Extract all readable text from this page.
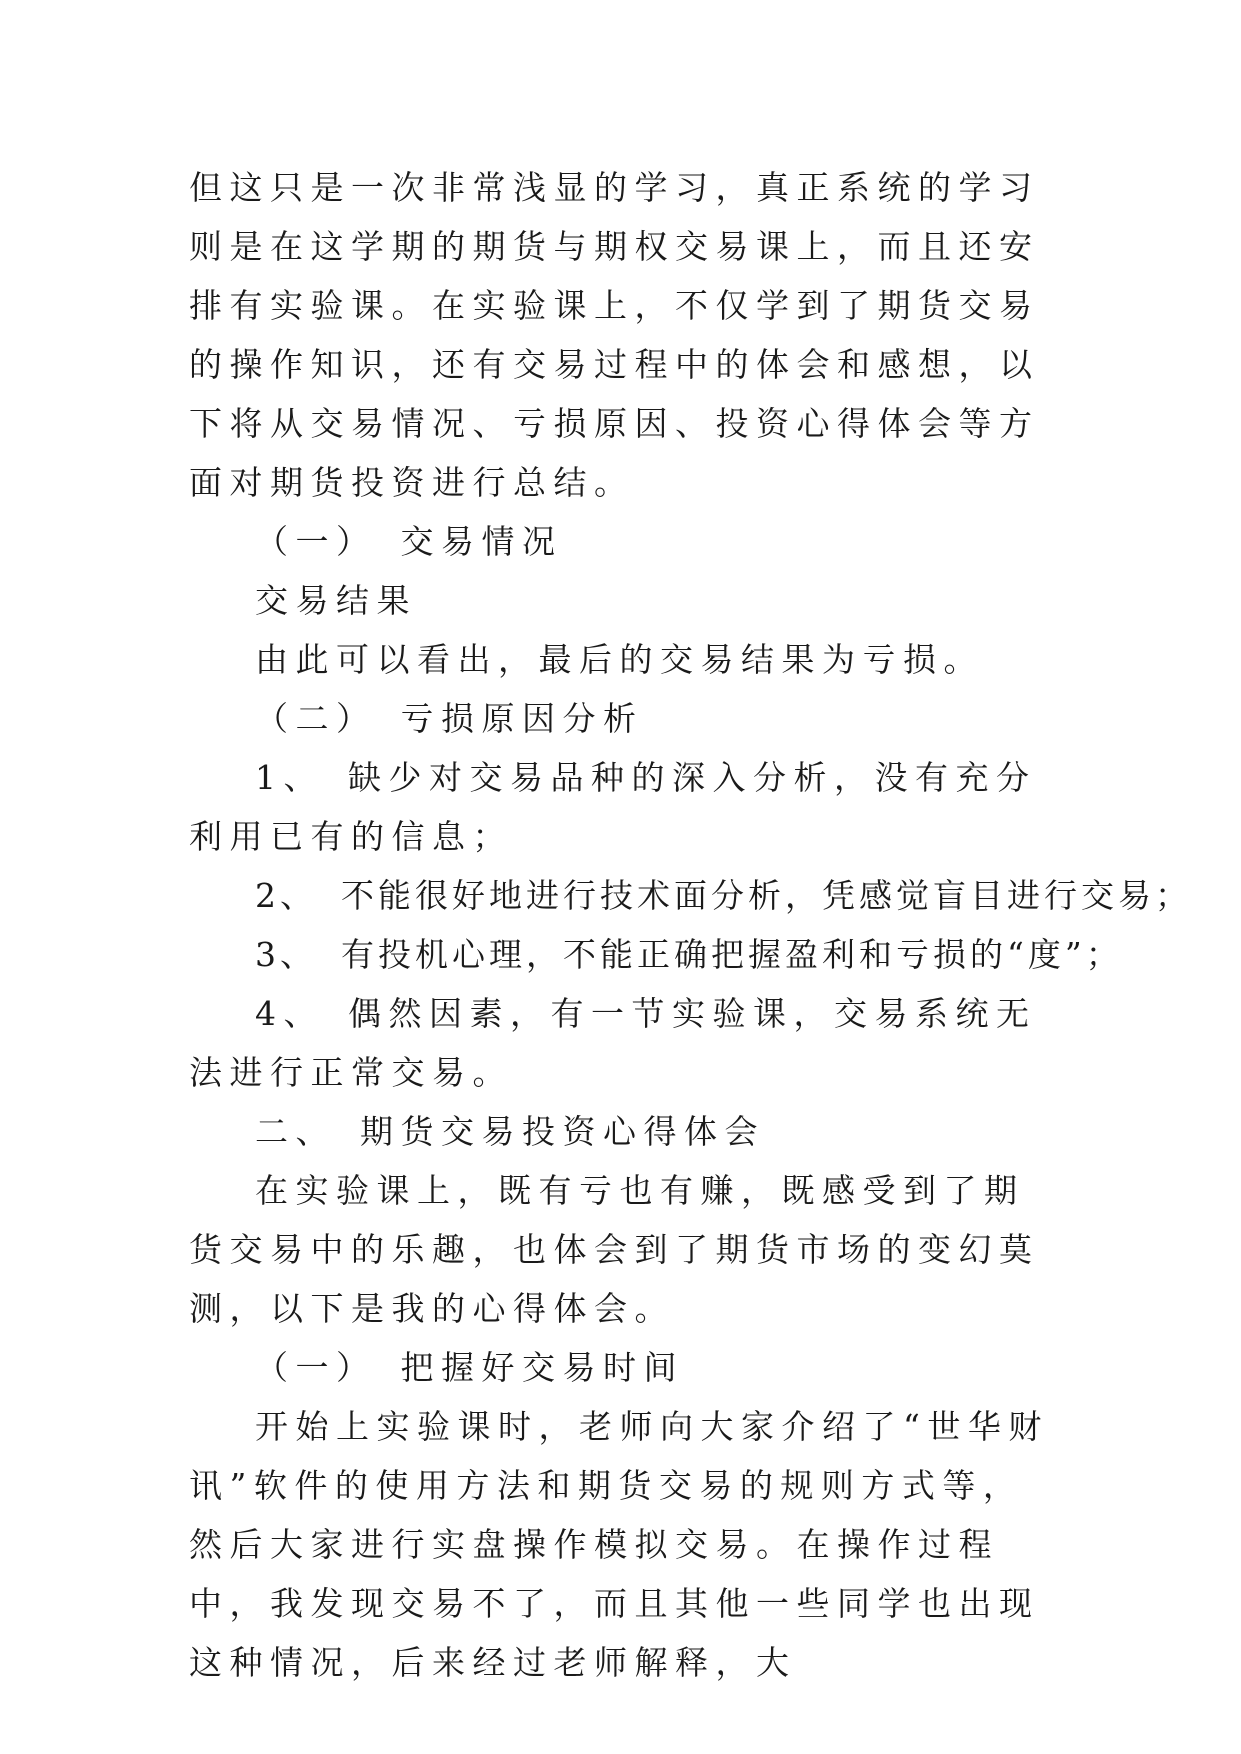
但这只是一次非常浅显的学习，真正系统的学习则是在这学期的期货与期权交易课上，而且还安排有实验课。在实验课上，不仅学到了期货交易的操作知识，还有交易过程中的体会和感想，以下将从交易情况、亏损原因、投资心得体会等方面对期货投资进行总结。

（一） 交易情况

交易结果

由此可以看出，最后的交易结果为亏损。

（二） 亏损原因分析

1、 缺少对交易品种的深入分析，没有充分利用已有的信息；

2、 不能很好地进行技术面分析，凭感觉盲目进行交易；

3、 有投机心理，不能正确把握盈利和亏损的“度”；

4、 偶然因素，有一节实验课，交易系统无法进行正常交易。

二、 期货交易投资心得体会

在实验课上，既有亏也有赚，既感受到了期货交易中的乐趣，也体会到了期货市场的变幻莫测，以下是我的心得体会。

（一） 把握好交易时间

开始上实验课时，老师向大家介绍了“世华财讯”软件的使用方法和期货交易的规则方式等，然后大家进行实盘操作模拟交易。在操作过程中，我发现交易不了，而且其他一些同学也出现这种情况，后来经过老师解释，大
